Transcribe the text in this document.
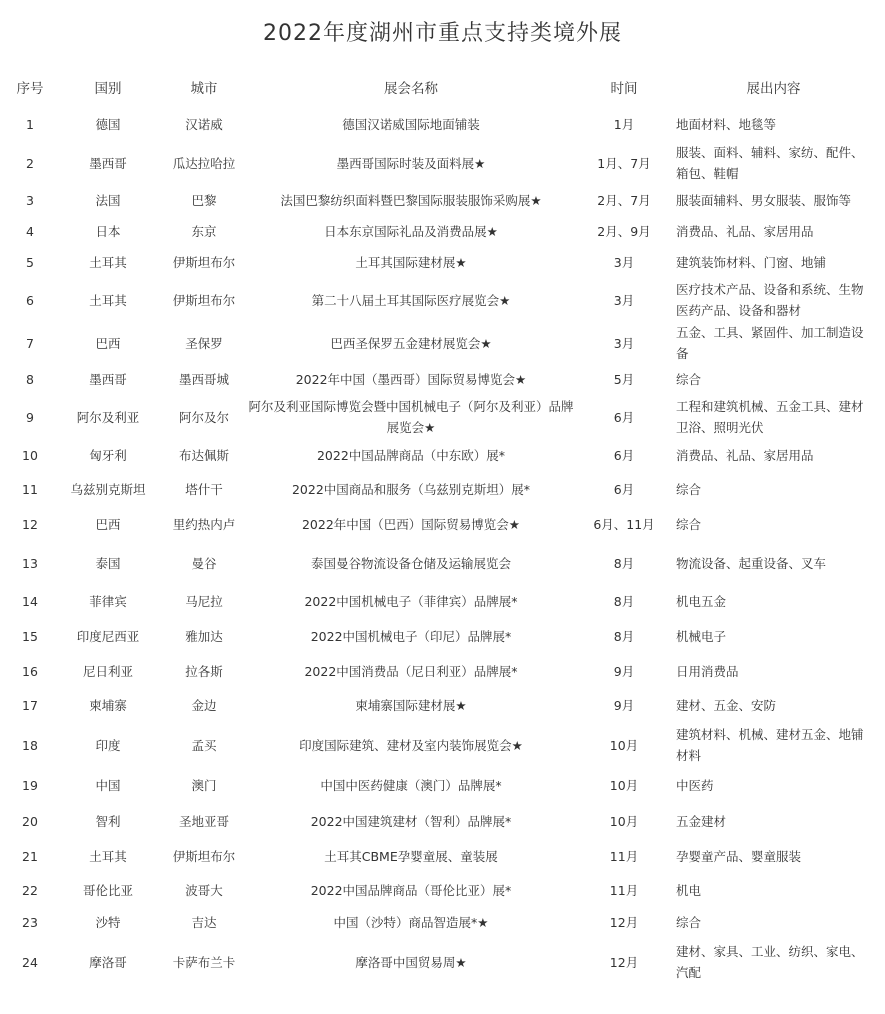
2022年度湖州市重点支持类境外展
序号	国别	城市	展会名称	时间	展出内容
1	德国	汉诺威	德国汉诺威国际地面铺装	1月	地面材料、地毯等
2	墨西哥	瓜达拉哈拉	墨西哥国际时装及面料展★	1月、7月	服装、面料、辅料、家纺、配件、箱包、鞋帽
3	法国	巴黎	法国巴黎纺织面料暨巴黎国际服装服饰采购展★	2月、7月	服装面辅料、男女服装、服饰等
4	日本	东京	日本东京国际礼品及消费品展★	2月、9月	消费品、礼品、家居用品
5	土耳其	伊斯坦布尔	土耳其国际建材展★	3月	建筑装饰材料、门窗、地铺
6	土耳其	伊斯坦布尔	第二十八届土耳其国际医疗展览会★	3月	医疗技术产品、设备和系统、生物医药产品、设备和器材
7	巴西	圣保罗	巴西圣保罗五金建材展览会★	3月	五金、工具、紧固件、加工制造设备
8	墨西哥	墨西哥城	2022年中国（墨西哥）国际贸易博览会★	5月	综合
9	阿尔及利亚	阿尔及尔	阿尔及利亚国际博览会暨中国机械电子（阿尔及利亚）品牌展览会★	6月	工程和建筑机械、五金工具、建材卫浴、照明光伏
10	匈牙利	布达佩斯	2022中国品牌商品（中东欧）展*	6月	消费品、礼品、家居用品
11	乌兹别克斯坦	塔什干	2022中国商品和服务（乌兹别克斯坦）展*	6月	综合
12	巴西	里约热内卢	2022年中国（巴西）国际贸易博览会★	6月、11月	综合
13	泰国	曼谷	泰国曼谷物流设备仓储及运输展览会	8月	物流设备、起重设备、叉车
14	菲律宾	马尼拉	2022中国机械电子（菲律宾）品牌展*	8月	机电五金
15	印度尼西亚	雅加达	2022中国机械电子（印尼）品牌展*	8月	机械电子
16	尼日利亚	拉各斯	2022中国消费品（尼日利亚）品牌展*	9月	日用消费品
17	柬埔寨	金边	柬埔寨国际建材展★	9月	建材、五金、安防
18	印度	孟买	印度国际建筑、建材及室内装饰展览会★	10月	建筑材料、机械、建材五金、地铺材料
19	中国	澳门	中国中医药健康（澳门）品牌展*	10月	中医药
20	智利	圣地亚哥	2022中国建筑建材（智利）品牌展*	10月	五金建材
21	土耳其	伊斯坦布尔	土耳其CBME孕婴童展、童装展	11月	孕婴童产品、婴童服装
22	哥伦比亚	波哥大	2022中国品牌商品（哥伦比亚）展*	11月	机电
23	沙特	吉达	中国（沙特）商品智造展*★	12月	综合
24	摩洛哥	卡萨布兰卡	摩洛哥中国贸易周★	12月	建材、家具、工业、纺织、家电、汽配
